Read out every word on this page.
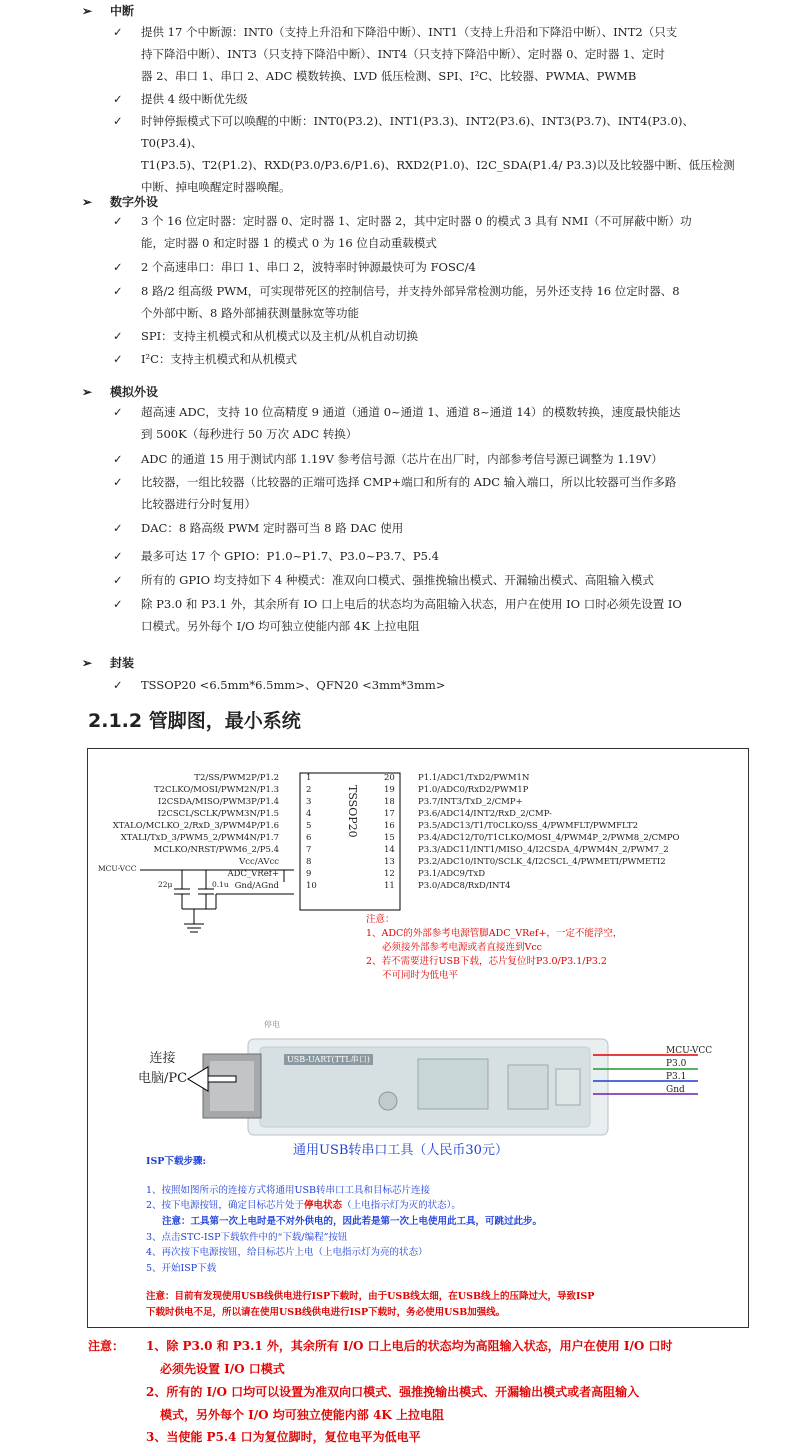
➢ 中断
✓ 提供 17 个中断源：INT0（支持上升沿和下降沿中断）、INT1（支持上升沿和下降沿中断）、INT2（只支
持下降沿中断）、INT3（只支持下降沿中断）、INT4（只支持下降沿中断）、定时器 0、定时器 1、定时
器 2、串口 1、串口 2、ADC 模数转换、LVD 低压检测、SPI、I²C、比较器、PWMA、PWMB
✓ 提供 4 级中断优先级
✓ 时钟停振模式下可以唤醒的中断：INT0(P3.2)、INT1(P3.3)、INT2(P3.6)、INT3(P3.7)、INT4(P3.0)、T0(P3.4)、
T1(P3.5)、T2(P1.2)、RXD(P3.0/P3.6/P1.6)、RXD2(P1.0)、I2C_SDA(P1.4/ P3.3)以及比较器中断、低压检测
中断、掉电唤醒定时器唤醒。
➢ 数字外设
✓ 3 个 16 位定时器：定时器 0、定时器 1、定时器 2，其中定时器 0 的模式 3 具有 NMI（不可屏蔽中断）功
能，定时器 0 和定时器 1 的模式 0 为 16 位自动重载模式
✓ 2 个高速串口：串口 1、串口 2，波特率时钟源最快可为 FOSC/4
✓ 8 路/2 组高级 PWM，可实现带死区的控制信号，并支持外部异常检测功能，另外还支持 16 位定时器、8
个外部中断、8 路外部捕获测量脉宽等功能
✓ SPI：支持主机模式和从机模式以及主机/从机自动切换
✓ I²C：支持主机模式和从机模式
➢ 模拟外设
✓ 超高速 ADC，支持 10 位高精度 9 通道（通道 0~通道 1、通道 8~通道 14）的模数转换，速度最快能达
到 500K（每秒进行 50 万次 ADC 转换）
✓ ADC 的通道 15 用于测试内部 1.19V 参考信号源（芯片在出厂时，内部参考信号源已调整为 1.19V）
✓ 比较器，一组比较器（比较器的正端可选择 CMP+端口和所有的 ADC 输入端口，所以比较器可当作多路
比较器进行分时复用）
✓ DAC：8 路高级 PWM 定时器可当 8 路 DAC 使用
✓ 最多可达 17 个 GPIO：P1.0~P1.7、P3.0~P3.7、P5.4
✓ 所有的 GPIO 均支持如下 4 种模式：准双向口模式、强推挽输出模式、开漏输出模式、高阻输入模式
✓ 除 P3.0 和 P3.1 外，其余所有 IO 口上电后的状态均为高阻输入状态，用户在使用 IO 口时必须先设置 IO
口模式。另外每个 I/O 均可独立使能内部 4K 上拉电阻
➢ 封装
✓ TSSOP20 <6.5mm*6.5mm>、QFN20 <3mm*3mm>
2.1.2 管脚图，最小系统
T2/SS/PWM2P/P1.2
T2CLKO/MOSI/PWM2N/P1.3
I2CSDA/MISO/PWM3P/P1.4
I2CSCL/SCLK/PWM3N/P1.5
XTALO/MCLKO_2/RxD_3/PWM4P/P1.6
XTALI/TxD_3/PWM5_2/PWM4N/P1.7
MCLKO/NRST/PWM6_2/P5.4
Vcc/AVcc
ADC_VRef+
Gnd/AGnd
1
2
3
4
5
6
7
8
9
10
20
19
18
17
16
15
14
13
12
11
P1.1/ADC1/TxD2/PWM1N
P1.0/ADC0/RxD2/PWM1P
P3.7/INT3/TxD_2/CMP+
P3.6/ADC14/INT2/RxD_2/CMP-
P3.5/ADC13/T1/T0CLKO/SS_4/PWMFLT/PWMFLT2
P3.4/ADC12/T0/T1CLKO/MOSI_4/PWM4P_2/PWM8_2/CMPO
P3.3/ADC11/INT1/MISO_4/I2CSDA_4/PWM4N_2/PWM7_2
P3.2/ADC10/INT0/SCLK_4/I2CSCL_4/PWMETI/PWMETI2
P3.1/ADC9/TxD
P3.0/ADC8/RxD/INT4
TSSOP20
MCU-VCC
22μ	0.1u
注意：
1、ADC的外部参考电源管脚ADC_VRef+，一定不能浮空，
必须接外部参考电源或者直接连到Vcc
2、若不需要进行USB下载，芯片复位时P3.0/P3.1/P3.2
不可同时为低电平
连接
电脑/PC
USB-UART(TTL串口)
停电
MCU-VCC
P3.0
P3.1
Gnd
通用USB转串口工具（人民币30元）
ISP下载步骤:
1、按照如图所示的连接方式将通用USB转串口工具和目标芯片连接
2、按下电源按钮，确定目标芯片处于停电状态（上电指示灯为灭的状态）。
注意：工具第一次上电时是不对外供电的，因此若是第一次上电使用此工具，可跳过此步。
3、点击STC-ISP下载软件中的“下载/编程”按钮
4、再次按下电源按钮，给目标芯片上电（上电指示灯为亮的状态）
5、开始ISP下载
注意：目前有发现使用USB线供电进行ISP下载时，由于USB线太细，在USB线上的压降过大，导致ISP
下载时供电不足，所以请在使用USB线供电进行ISP下载时，务必使用USB加强线。
注意： 1、除 P3.0 和 P3.1 外，其余所有 I/O 口上电后的状态均为高阻输入状态，用户在使用 I/O 口时
必须先设置 I/O 口模式
2、所有的 I/O 口均可以设置为准双向口模式、强推挽输出模式、开漏输出模式或者高阻输入
模式，另外每个 I/O 均可独立使能内部 4K 上拉电阻
3、当使能 P5.4 口为复位脚时，复位电平为低电平
